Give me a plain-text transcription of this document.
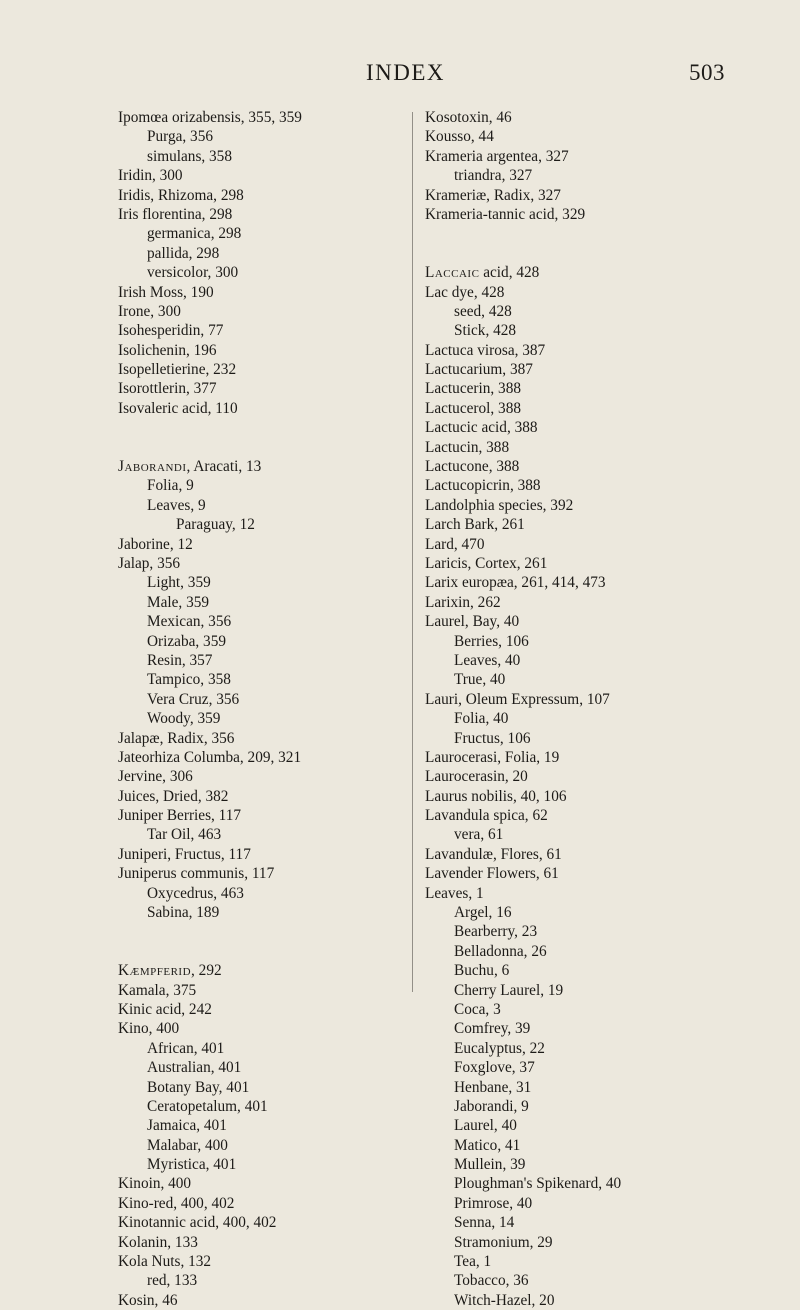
INDEX	503
Ipomœa orizabensis, 355, 359
Purga, 356
simulans, 358
Iridin, 300
Iridis, Rhizoma, 298
Iris florentina, 298
germanica, 298
pallida, 298
versicolor, 300
Irish Moss, 190
Irone, 300
Isohesperidin, 77
Isolichenin, 196
Isopelletierine, 232
Isorottlerin, 377
Isovaleric acid, 110
Jaborandi, Aracati, 13
Folia, 9
Leaves, 9
Paraguay, 12
Jaborine, 12
Jalap, 356
Light, 359
Male, 359
Mexican, 356
Orizaba, 359
Resin, 357
Tampico, 358
Vera Cruz, 356
Woody, 359
Jalapæ, Radix, 356
Jateorhiza Columba, 209, 321
Jervine, 306
Juices, Dried, 382
Juniper Berries, 117
Tar Oil, 463
Juniperi, Fructus, 117
Juniperus communis, 117
Oxycedrus, 463
Sabina, 189
Kæmpferid, 292
Kamala, 375
Kinic acid, 242
Kino, 400
African, 401
Australian, 401
Botany Bay, 401
Ceratopetalum, 401
Jamaica, 401
Malabar, 400
Myristica, 401
Kinoin, 400
Kino-red, 400, 402
Kinotannic acid, 400, 402
Kolanin, 133
Kola Nuts, 132
red, 133
Kosin, 46
Kosotoxin, 46
Kousso, 44
Krameria argentea, 327
triandra, 327
Krameriæ, Radix, 327
Krameria-tannic acid, 329
Laccaic acid, 428
Lac dye, 428
seed, 428
Stick, 428
Lactuca virosa, 387
Lactucarium, 387
Lactucerin, 388
Lactucerol, 388
Lactucic acid, 388
Lactucin, 388
Lactucone, 388
Lactucopicrin, 388
Landolphia species, 392
Larch Bark, 261
Lard, 470
Laricis, Cortex, 261
Larix europæa, 261, 414, 473
Larixin, 262
Laurel, Bay, 40
Berries, 106
Leaves, 40
True, 40
Lauri, Oleum Expressum, 107
Folia, 40
Fructus, 106
Laurocerasi, Folia, 19
Laurocerasin, 20
Laurus nobilis, 40, 106
Lavandula spica, 62
vera, 61
Lavandulæ, Flores, 61
Lavender Flowers, 61
Leaves, 1
Argel, 16
Bearberry, 23
Belladonna, 26
Buchu, 6
Cherry Laurel, 19
Coca, 3
Comfrey, 39
Eucalyptus, 22
Foxglove, 37
Henbane, 31
Jaborandi, 9
Laurel, 40
Matico, 41
Mullein, 39
Ploughman's Spikenard, 40
Primrose, 40
Senna, 14
Stramonium, 29
Tea, 1
Tobacco, 36
Witch-Hazel, 20
